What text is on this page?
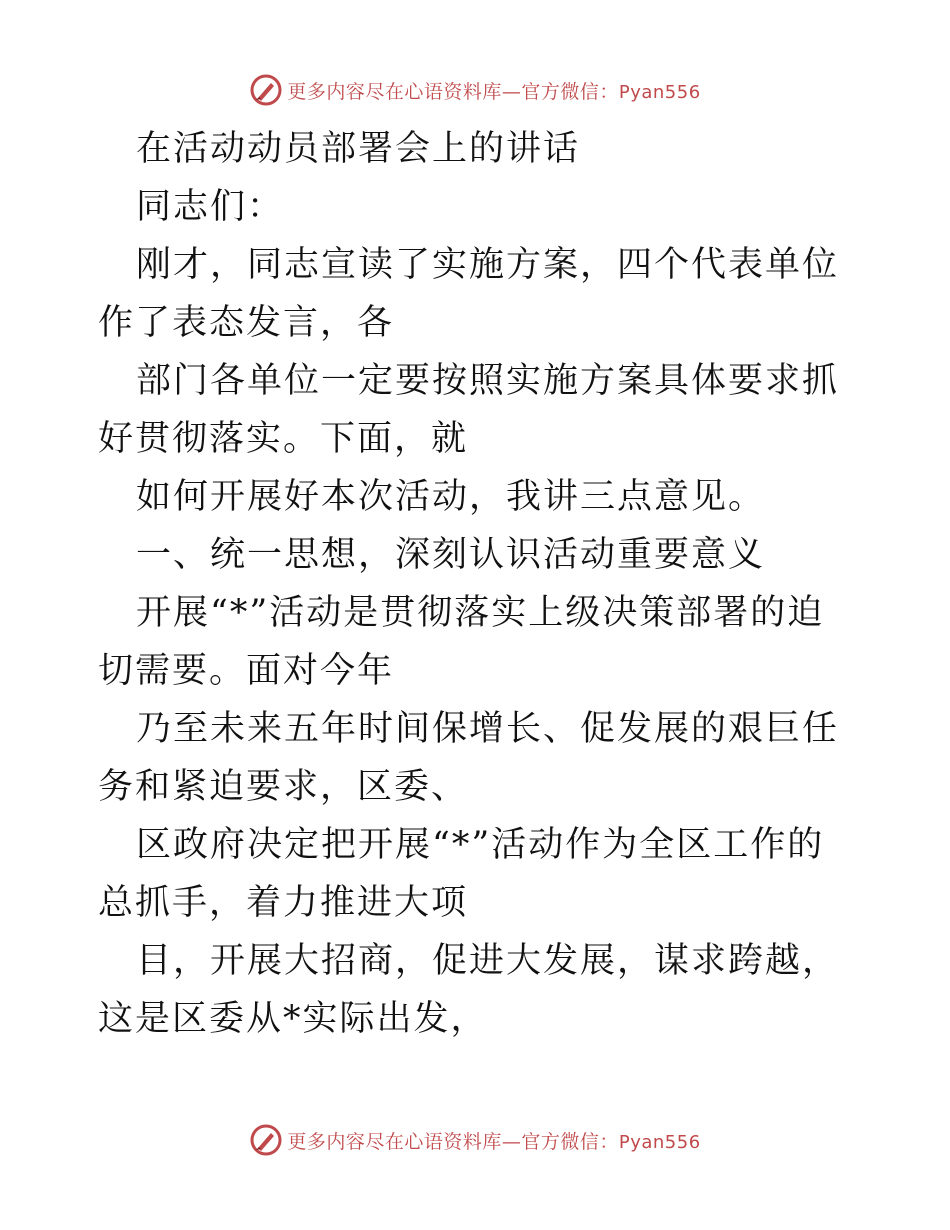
更多内容尽在心语资料库—官方微信：Pyan556

在活动动员部署会上的讲话

同志们：

刚才，同志宣读了实施方案，四个代表单位作了表态发言，各

部门各单位一定要按照实施方案具体要求抓好贯彻落实。下面，就

如何开展好本次活动，我讲三点意见。

一、统一思想，深刻认识活动重要意义

开展“*”活动是贯彻落实上级决策部署的迫切需要。面对今年

乃至未来五年时间保增长、促发展的艰巨任务和紧迫要求，区委、

区政府决定把开展“*”活动作为全区工作的总抓手，着力推进大项

目，开展大招商，促进大发展，谋求跨越，这是区委从*实际出发，

更多内容尽在心语资料库—官方微信：Pyan556
